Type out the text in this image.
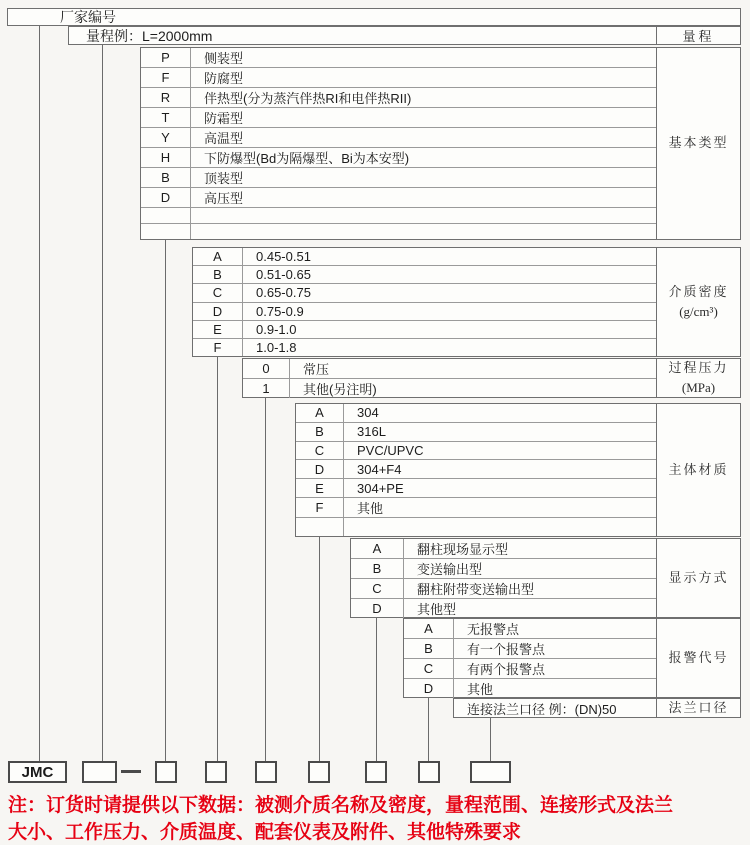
厂家编号
量程例：L=2000mm	量程
JMC
注：订货时请提供以下数据：被测介质名称及密度，量程范围、连接形式及法兰
大小、工作压力、介质温度、配套仪表及附件、其他特殊要求
P	侧装型
F	防腐型
R	伴热型(分为蒸汽伴热RI和电伴热RII)
T	防霜型
Y	高温型
H	下防爆型(Bd为隔爆型、Bi为本安型)
B	顶装型
D	高压型
基本类型
A	0.45-0.51
B	0.51-0.65
C	0.65-0.75
D	0.75-0.9
E	0.9-1.0
F	1.0-1.8
介质密度
(g/cm³)
0	常压
1	其他(另注明)
过程压力
(MPa)
A	304
B	316L
C	PVC/UPVC
D	304+F4
E	304+PE
F	其他
主体材质
A	翻柱现场显示型
B	变送输出型
C	翻柱附带变送输出型
D	其他型
显示方式
A	无报警点
B	有一个报警点
C	有两个报警点
D	其他
报警代号
连接法兰口径 例：(DN)50	法兰口径
